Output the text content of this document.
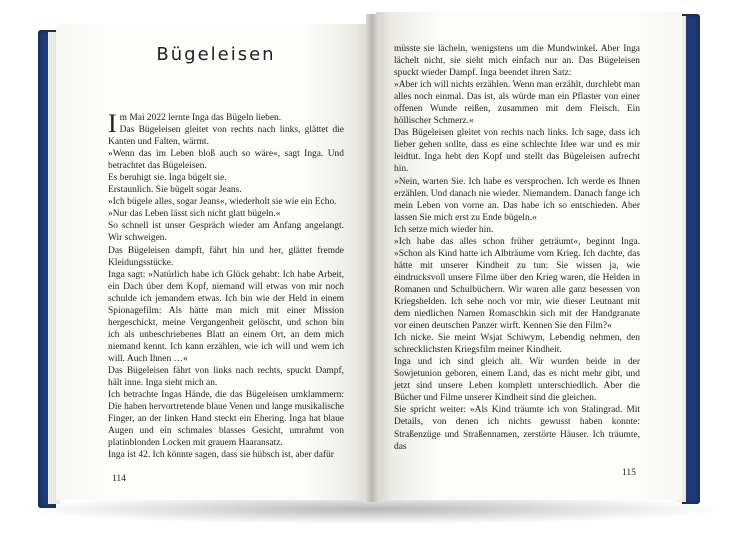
Bügeleisen

Im Mai 2022 lernte Inga das Bügeln lieben.

Das Bügeleisen gleitet von rechts nach links, glättet die Kanten und Falten, wärmt.

»Wenn das im Leben bloß auch so wäre«, sagt Inga. Und betrachtet das Bügeleisen.

Es beruhigt sie. Inga bügelt sie.

Erstaunlich. Sie bügelt sogar Jeans.

»Ich bügele alles, sogar Jeans«, wiederholt sie wie ein Echo.

»Nur das Leben lässt sich nicht glatt bügeln.«

So schnell ist unser Gespräch wieder am Anfang angelangt. Wir schweigen.

Das Bügeleisen dampft, fährt hin und her, glättet fremde Kleidungsstücke.

Inga sagt: »Natürlich habe ich Glück gehabt: Ich habe Arbeit, ein Dach über dem Kopf, niemand will etwas von mir noch schulde ich jemandem etwas. Ich bin wie der Held in einem Spionagefilm: Als hätte man mich mit einer Mission hergeschickt, meine Vergangenheit gelöscht, und schon bin ich als unbeschriebenes Blatt an einem Ort, an dem mich niemand kennt. Ich kann erzählen, wie ich will und wem ich will. Auch Ihnen …«

Das Bügeleisen fährt von links nach rechts, spuckt Dampf, hält inne. Inga sieht mich an.

Ich betrachte Ingas Hände, die das Bügeleisen umklammern: Die haben hervortretende blaue Venen und lange musikalische Finger, an der linken Hand steckt ein Ehering. Inga hat blaue Augen und ein schmales blasses Gesicht, umrahmt von platinblonden Locken mit grauem Haaransatz.

Inga ist 42. Ich könnte sagen, dass sie hübsch ist, aber dafür

114

müsste sie lächeln, wenigstens um die Mundwinkel. Aber Inga lächelt nicht, sie sieht mich einfach nur an. Das Bügeleisen spuckt wieder Dampf. Inga beendet ihren Satz:

»Aber ich will nichts erzählen. Wenn man erzählt, durchlebt man alles noch einmal. Das ist, als würde man ein Pflaster von einer offenen Wunde reißen, zusammen mit dem Fleisch. Ein höllischer Schmerz.«

Das Bügeleisen gleitet von rechts nach links. Ich sage, dass ich lieber gehen sollte, dass es eine schlechte Idee war und es mir leidtut. Inga hebt den Kopf und stellt das Bügeleisen aufrecht hin.

»Nein, warten Sie. Ich habe es versprochen. Ich werde es Ihnen erzählen. Und danach nie wieder. Niemandem. Danach fange ich mein Leben von vorne an. Das habe ich so entschieden. Aber lassen Sie mich erst zu Ende bügeln.«

Ich setze mich wieder hin.

»Ich habe das alles schon früher geträumt«, beginnt Inga. »Schon als Kind hatte ich Albträume vom Krieg. Ich dachte, das hätte mit unserer Kindheit zu tun: Sie wissen ja, wie eindrucksvoll unsere Filme über den Krieg waren, die Helden in Romanen und Schulbüchern. Wir waren alle ganz besessen von Kriegshelden. Ich sehe noch vor mir, wie dieser Leutnant mit dem niedlichen Namen Romaschkin sich mit der Handgranate vor einen deutschen Panzer wirft. Kennen Sie den Film?«

Ich nicke. Sie meint Wsjat Schiwym, Lebendig nehmen, den schrecklichsten Kriegsfilm meiner Kindheit.

Inga und ich sind gleich alt. Wir wurden beide in der Sowjetunion geboren, einem Land, das es nicht mehr gibt, und jetzt sind unsere Leben komplett unterschiedlich. Aber die Bücher und Filme unserer Kindheit sind die gleichen.

Sie spricht weiter: »Als Kind träumte ich von Stalingrad. Mit Details, von denen ich nichts gewusst haben konnte: Straßenzüge und Straßennamen, zerstörte Häuser. Ich träumte, das

115
